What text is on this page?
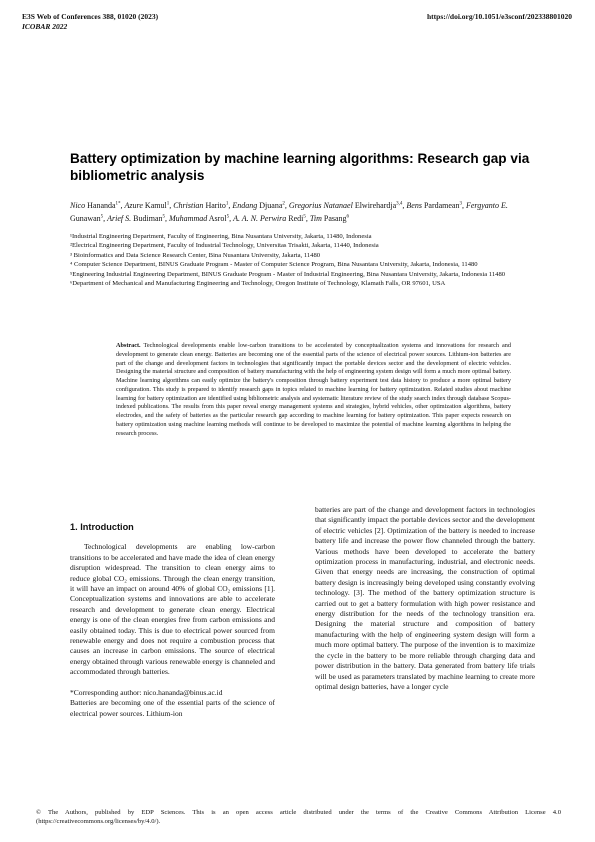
E3S Web of Conferences 388, 01020 (2023)
ICOBAR 2022
https://doi.org/10.1051/e3sconf/202338801020
Battery optimization by machine learning algorithms: Research gap via bibliometric analysis
Nico Hananda$^{1*}$, Azure Kamul$^1$, Christian Harito$^1$, Endang Djuana$^2$, Gregorius Natanael Elwirehardja$^{3,4}$, Bens Pardamean$^3$, Fergyanto E. Gunawan$^5$, Arief S. Budiman$^5$, Muhammad Asrol$^5$, A. A. N. Perwira Redi$^5$, Tim Pasang$^6$
¹Industrial Engineering Department, Faculty of Engineering, Bina Nusantara University, Jakarta, 11480, Indonesia
²Electrical Engineering Department, Faculty of Industrial Technology, Universitas Trisakti, Jakarta, 11440, Indonesia
³ Bioinformatics and Data Science Research Center, Bina Nusantara University, Jakarta, 11480
⁴ Computer Science Department, BINUS Graduate Program - Master of Computer Science Program, Bina Nusantara University, Jakarta, Indonesia, 11480
⁵Engineering Industrial Engineering Department, BINUS Graduate Program - Master of Industrial Engineering, Bina Nusantara University, Jakarta, Indonesia 11480
⁶Department of Mechanical and Manufacturing Engineering and Technology, Oregon Institute of Technology, Klamath Falls, OR 97601, USA
Abstract. Technological developments enable low-carbon transitions to be accelerated by conceptualization systems and innovations for research and development to generate clean energy. Batteries are becoming one of the essential parts of the science of electrical power sources. Lithium-ion batteries are part of the change and development factors in technologies that significantly impact the portable devices sector and the development of electric vehicles. Designing the material structure and composition of battery manufacturing with the help of engineering system design will form a much more optimal battery. Machine learning algorithms can easily optimize the battery's composition through battery experiment test data history to produce a more optimal battery configuration. This study is prepared to identify research gaps in topics related to machine learning for battery optimization. Related studies about machine learning for battery optimization are identified using bibliometric analysis and systematic literature review of the study search index through database Scopus-indexed publications. The results from this paper reveal energy management systems and strategies, hybrid vehicles, other optimization algorithms, battery electrodes, and the safety of batteries as the particular research gap according to machine learning for battery optimization. This paper expects research on battery optimization using machine learning methods will continue to be developed to maximize the potential of machine learning algorithms in helping the research process.
1. Introduction

Technological developments are enabling low-carbon transitions to be accelerated and have made the idea of clean energy disruption widespread. The transition to clean energy aims to reduce global CO₂ emissions. Through the clean energy transition, it will have an impact on around 40% of global CO₂ emissions [1]. Conceptualization systems and innovations are able to accelerate research and development to generate clean energy. Electrical energy is one of the clean energies free from carbon emissions and easily obtained today. This is due to electrical power sourced from renewable energy and does not require a combustion process that causes an increase in carbon emissions. The source of electrical energy obtained through various renewable energy is channeled and accommodated through batteries.

*Corresponding author: nico.hananda@binus.ac.id

Batteries are becoming one of the essential parts of the science of electrical power sources. Lithium-ion

batteries are part of the change and development factors in technologies that significantly impact the portable devices sector and the development of electric vehicles [2]. Optimization of the battery is needed to increase battery life and increase the power flow channeled through the battery. Various methods have been developed to accelerate the battery optimization process in manufacturing, industrial, and electronic needs. Given that energy needs are increasing, the construction of optimal battery design is increasingly being developed using constantly evolving technology. [3]. The method of the battery optimization structure is carried out to get a battery formulation with high power resistance and energy distribution for the needs of the technology transition era. Designing the material structure and composition of battery manufacturing with the help of engineering system design will form a much more optimal battery. The purpose of the invention is to maximize the cycle in the battery to be more reliable through charging data and power distribution in the battery. Data generated from battery life trials will be used as parameters translated by machine learning to create more optimal design batteries, have a longer cycle

© The Authors, published by EDP Sciences. This is an open access article distributed under the terms of the Creative Commons Attribution License 4.0 (https://creativecommons.org/licenses/by/4.0/).
